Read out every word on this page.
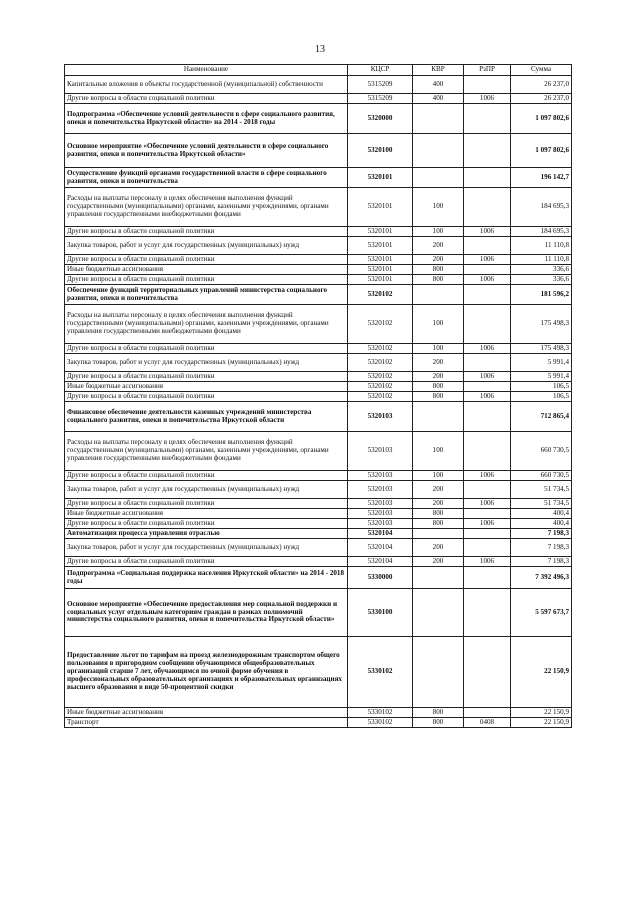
13
Наименование	КЦСР	КВР	РзПР	Сумма
Капитальные вложения в объекты государственной (муниципальной) собственности	5315209	400		26 237,0
Другие вопросы в области социальной политики	5315209	400	1006	26 237,0
Подпрограмма «Обеспечение условий деятельности в сфере социального развития, опеки и попечительства Иркутской области» на 2014 - 2018 годы	5320000			1 097 802,6
Основное мероприятие «Обеспечение условий деятельности в сфере социального развития, опеки и попечительства Иркутской области»	5320100			1 097 802,6
Осуществление функций органами государственной власти в сфере социального развития, опеки и попечительства	5320101			196 142,7
Расходы на выплаты персоналу в целях обеспечения выполнения функций государственными (муниципальными) органами, казенными учреждениями, органами управления государственными внебюджетными фондами	5320101	100		184 695,3
Другие вопросы в области социальной политики	5320101	100	1006	184 695,3
Закупка товаров, работ и услуг для государственных (муниципальных) нужд	5320101	200		11 110,8
Другие вопросы в области социальной политики	5320101	200	1006	11 110,8
Иные бюджетные ассигнования	5320101	800		336,6
Другие вопросы в области социальной политики	5320101	800	1006	336,6
Обеспечение функций территориальных управлений министерства социального развития, опеки и попечительства	5320102			181 596,2
Расходы на выплаты персоналу в целях обеспечения выполнения функций государственными (муниципальными) органами, казенными учреждениями, органами управления государственными внебюджетными фондами	5320102	100		175 498,3
Другие вопросы в области социальной политики	5320102	100	1006	175 498,3
Закупка товаров, работ и услуг для государственных (муниципальных) нужд	5320102	200		5 991,4
Другие вопросы в области социальной политики	5320102	200	1006	5 991,4
Иные бюджетные ассигнования	5320102	800		106,5
Другие вопросы в области социальной политики	5320102	800	1006	106,5
Финансовое обеспечение деятельности казенных учреждений министерства социального развития, опеки и попечительства Иркутской области	5320103			712 865,4
Расходы на выплаты персоналу в целях обеспечения выполнения функций государственными (муниципальными) органами, казенными учреждениями, органами управления государственными внебюджетными фондами	5320103	100		660 730,5
Другие вопросы в области социальной политики	5320103	100	1006	660 730,5
Закупка товаров, работ и услуг для государственных (муниципальных) нужд	5320103	200		51 734,5
Другие вопросы в области социальной политики	5320103	200	1006	51 734,5
Иные бюджетные ассигнования	5320103	800		400,4
Другие вопросы в области социальной политики	5320103	800	1006	400,4
Автоматизация процесса управления отраслью	5320104			7 198,3
Закупка товаров, работ и услуг для государственных (муниципальных) нужд	5320104	200		7 198,3
Другие вопросы в области социальной политики	5320104	200	1006	7 198,3
Подпрограмма «Социальная поддержка населения Иркутской области» на 2014 - 2018 годы	5330000			7 392 496,3
Основное мероприятие «Обеспечение предоставления мер социальной поддержки и социальных услуг отдельным категориям граждан в рамках полномочий министерства социального развития, опеки и попечительства Иркутской области»	5330100			5 597 673,7
Предоставление льгот по тарифам на проезд железнодорожным транспортом общего пользования в пригородном сообщении обучающимся общеобразовательных организаций старше 7 лет, обучающимся по очной форме обучения в профессиональных образовательных организациях и образовательных организациях высшего образования в виде 50-процентной скидки	5330102			22 150,9
Иные бюджетные ассигнования	5330102	800		22 150,9
Транспорт	5330102	800	0408	22 150,9
